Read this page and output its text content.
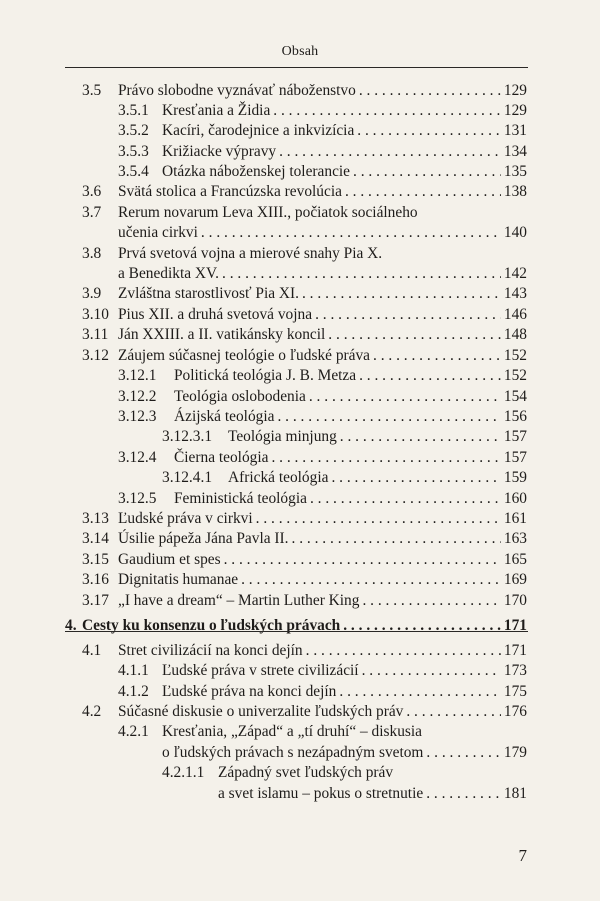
Obsah
3.5 Právo slobodne vyznávať náboženstvo . . .	129
3.5.1 Kresťania a Židia . . .	129
3.5.2 Kacíri, čarodejnice a inkvizícia . . .	131
3.5.3 Križiacke výpravy . . .	134
3.5.4 Otázka náboženskej tolerancie . . .	135
3.6 Svätá stolica a Francúzska revolúcia . . .	138
3.7 Rerum novarum Leva XIII., počiatok sociálneho
učenia cirkvi . . .	140
3.8 Prvá svetová vojna a mierové snahy Pia X.
a Benedikta XV. . . .	142
3.9 Zvláštna starostlivosť Pia XI. . . .	143
3.10 Pius XII. a druhá svetová vojna . . .	146
3.11 Ján XXIII. a II. vatikánsky koncil . . .	148
3.12 Záujem súčasnej teológie o ľudské práva . . .	152
3.12.1 Politická teológia J. B. Metza . . .	152
3.12.2 Teológia oslobodenia . . .	154
3.12.3 Ázijská teológia . . .	156
3.12.3.1 Teológia minjung . . .	157
3.12.4 Čierna teológia . . .	157
3.12.4.1 Africká teológia . . .	159
3.12.5 Feministická teológia . . .	160
3.13 Ľudské práva v cirkvi . . .	161
3.14 Úsilie pápeža Jána Pavla II. . . .	163
3.15 Gaudium et spes . . .	165
3.16 Dignitatis humanae . . .	169
3.17 „I have a dream“ – Martin Luther King . . .	170
4. Cesty ku konsenzu o ľudských právach . . .	171
4.1 Stret civilizácií na konci dejín . . .	171
4.1.1 Ľudské práva v strete civilizácií . . .	173
4.1.2 Ľudské práva na konci dejín . . .	175
4.2 Súčasné diskusie o univerzalite ľudských práv . . .	176
4.2.1 Kresťania, „Západ“ a „tí druhí“ – diskusia
o ľudských právach s nezápadným svetom . . .	179
4.2.1.1 Západný svet ľudských práv
a svet islamu – pokus o stretnutie . . .	181
7
